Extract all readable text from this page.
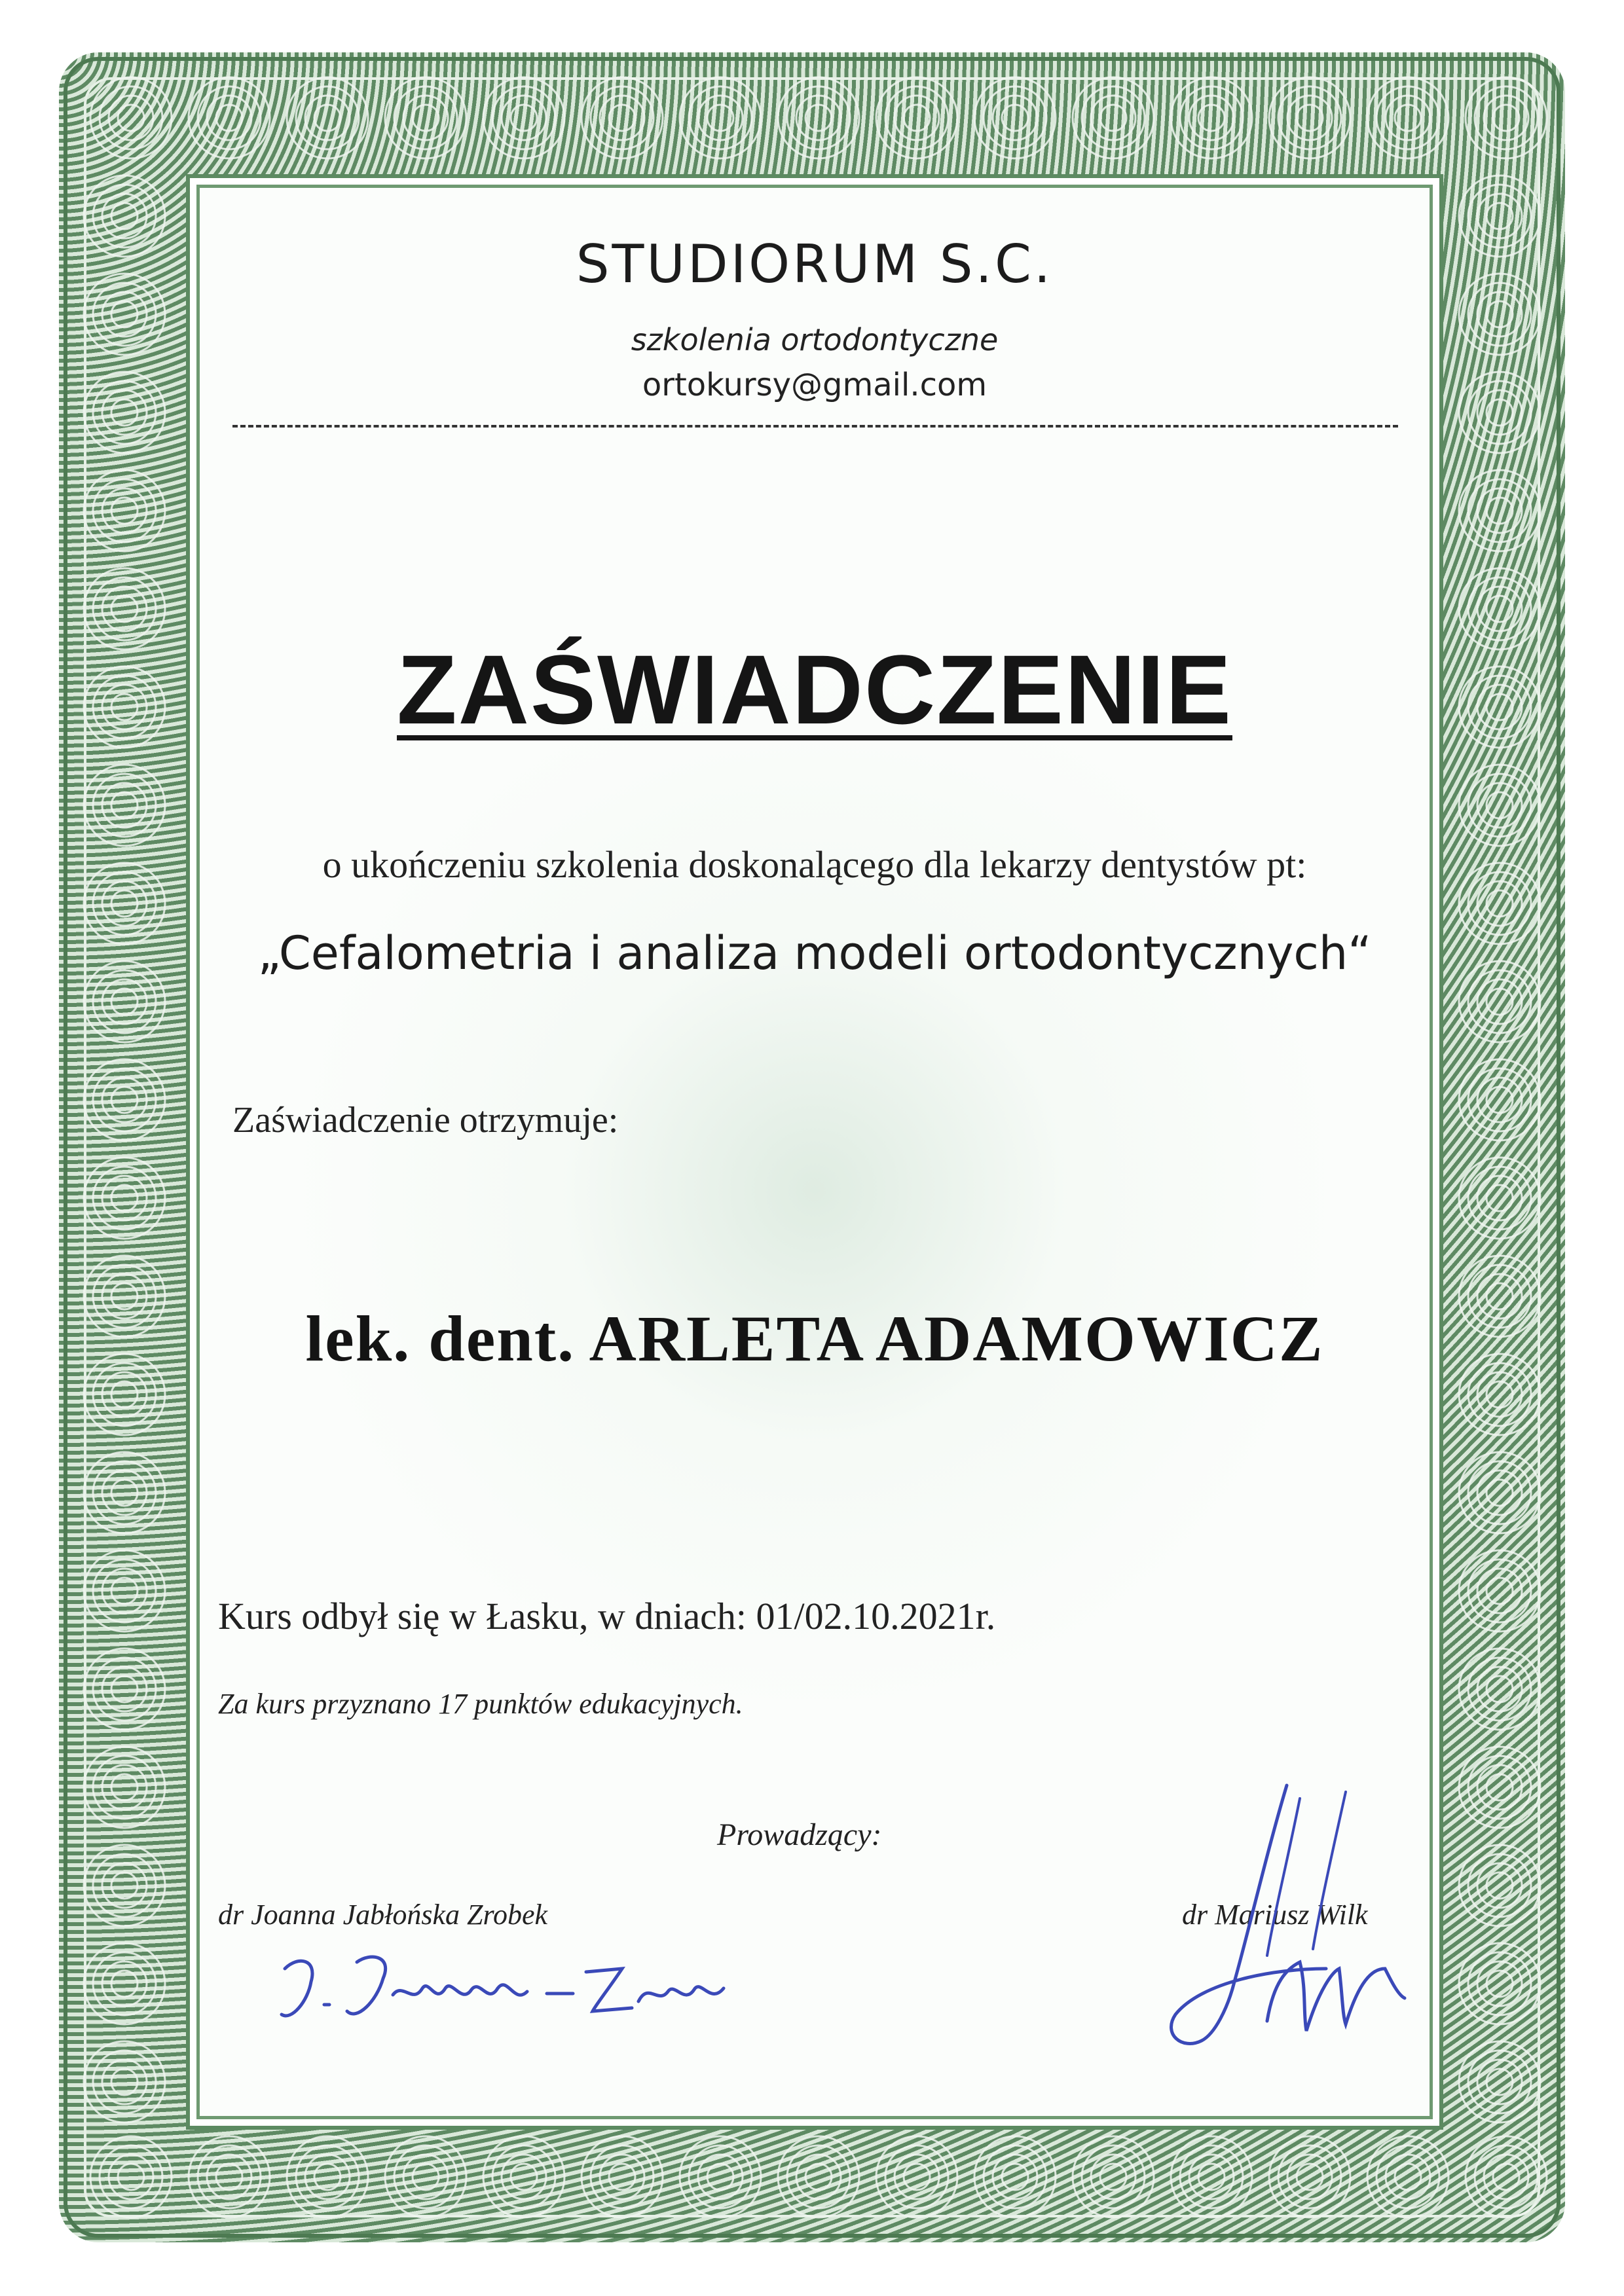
STUDIORUM S.C.
szkolenia ortodontyczne
ortokursy@gmail.com
ZAŚWIADCZENIE
o ukończeniu szkolenia doskonalącego dla lekarzy dentystów pt:
„Cefalometria i analiza modeli ortodontycznych“
Zaświadczenie otrzymuje:
lek. dent. ARLETA ADAMOWICZ
Kurs odbył się w Łasku, w dniach: 01/02.10.2021r.
Za kurs przyznano 17 punktów edukacyjnych.
Prowadzący:
dr Joanna Jabłońska Zrobek	dr Mariusz Wilk
